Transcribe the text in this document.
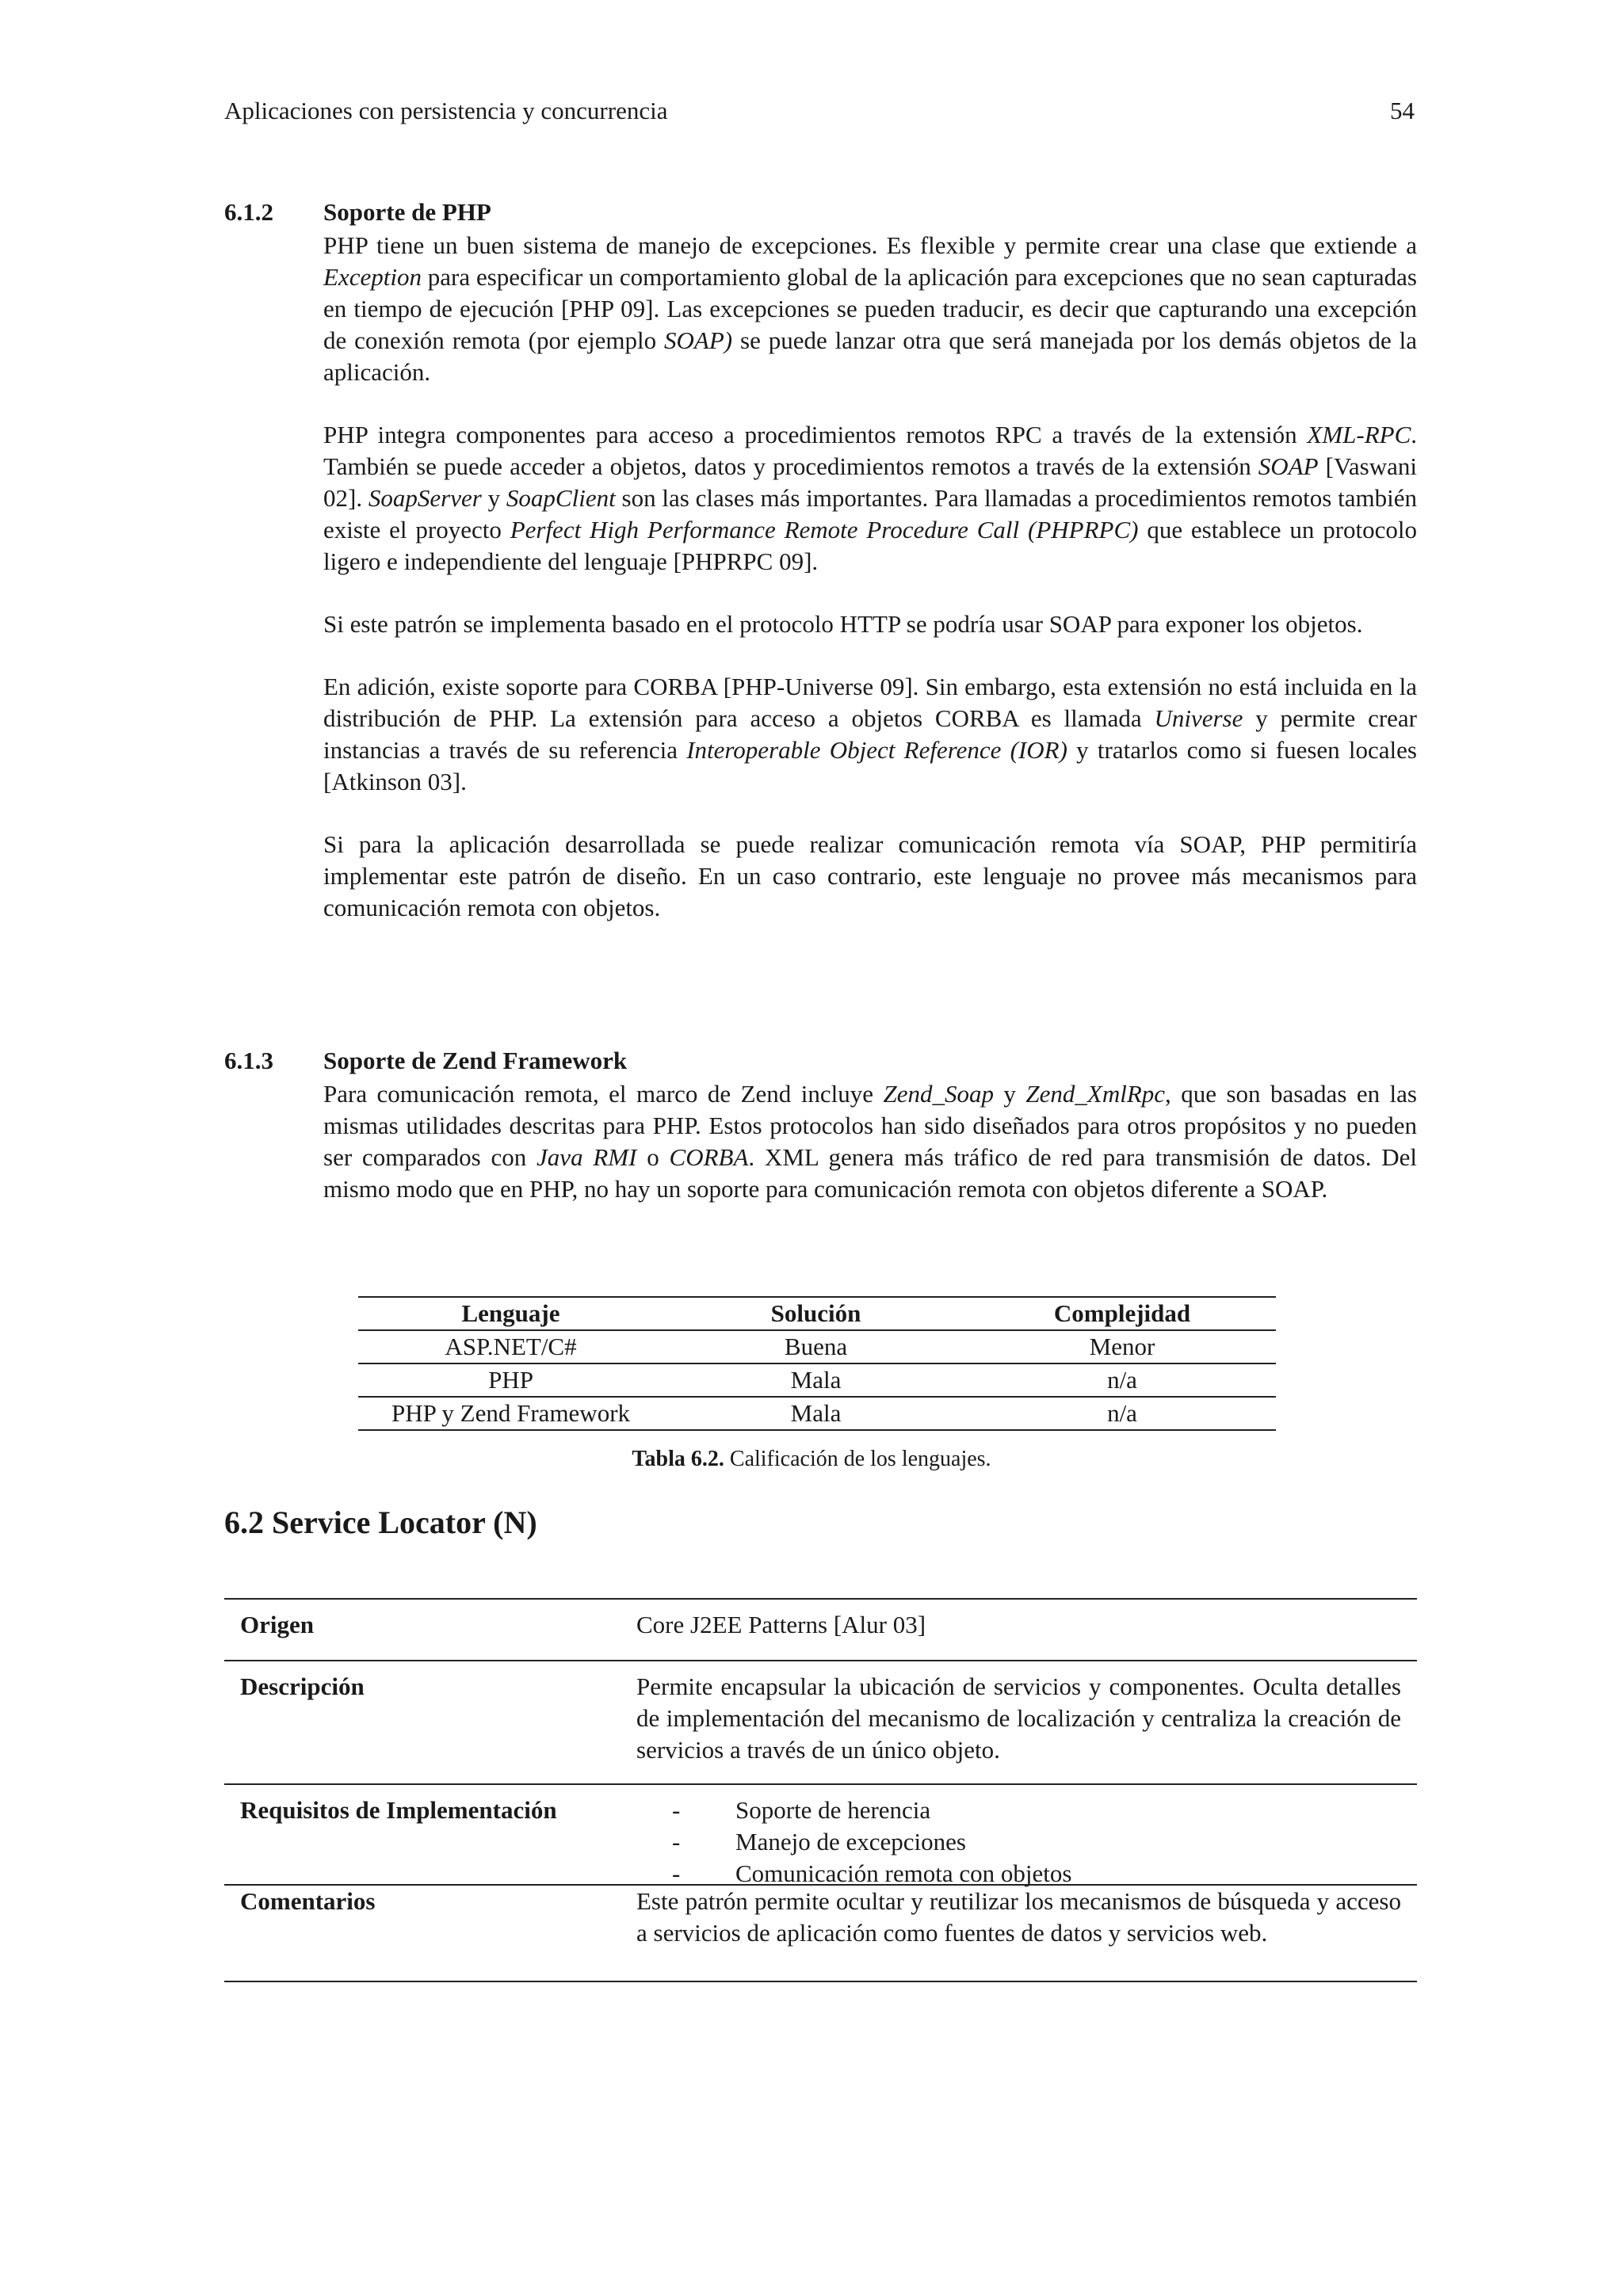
Aplicaciones con persistencia y concurrencia	54
6.1.2 Soporte de PHP

PHP tiene un buen sistema de manejo de excepciones. Es flexible y permite crear una clase que extiende a Exception para especificar un comportamiento global de la aplicación para excepciones que no sean capturadas en tiempo de ejecución [PHP 09]. Las excepciones se pueden traducir, es decir que capturando una excepción de conexión remota (por ejemplo SOAP) se puede lanzar otra que será manejada por los demás objetos de la aplicación.

PHP integra componentes para acceso a procedimientos remotos RPC a través de la extensión XML-RPC. También se puede acceder a objetos, datos y procedimientos remotos a través de la extensión SOAP [Vaswani 02]. SoapServer y SoapClient son las clases más importantes. Para llamadas a procedimientos remotos también existe el proyecto Perfect High Performance Remote Procedure Call (PHPRPC) que establece un protocolo ligero e independiente del lenguaje [PHPRPC 09].

Si este patrón se implementa basado en el protocolo HTTP se podría usar SOAP para exponer los objetos.

En adición, existe soporte para CORBA [PHP-Universe 09]. Sin embargo, esta extensión no está incluida en la distribución de PHP. La extensión para acceso a objetos CORBA es llamada Universe y permite crear instancias a través de su referencia Interoperable Object Reference (IOR) y tratarlos como si fuesen locales [Atkinson 03].

Si para la aplicación desarrollada se puede realizar comunicación remota vía SOAP, PHP permitiría implementar este patrón de diseño. En un caso contrario, este lenguaje no provee más mecanismos para comunicación remota con objetos.

6.1.3 Soporte de Zend Framework

Para comunicación remota, el marco de Zend incluye Zend_Soap y Zend_XmlRpc, que son basadas en las mismas utilidades descritas para PHP. Estos protocolos han sido diseñados para otros propósitos y no pueden ser comparados con Java RMI o CORBA. XML genera más tráfico de red para transmisión de datos. Del mismo modo que en PHP, no hay un soporte para comunicación remota con objetos diferente a SOAP.

Lenguaje	Solución	Complejidad
ASP.NET/C#	Buena	Menor
PHP	Mala	n/a
PHP y Zend Framework	Mala	n/a
Tabla 6.2. Calificación de los lenguajes.
6.2 Service Locator (N)
Origen	Core J2EE Patterns [Alur 03]
Descripción	Permite encapsular la ubicación de servicios y componentes. Oculta detalles de implementación del mecanismo de localización y centraliza la creación de servicios a través de un único objeto.
Requisitos de Implementación	- Soporte de herencia
- Manejo de excepciones
- Comunicación remota con objetos
Comentarios	Este patrón permite ocultar y reutilizar los mecanismos de búsqueda y acceso a servicios de aplicación como fuentes de datos y servicios web.
